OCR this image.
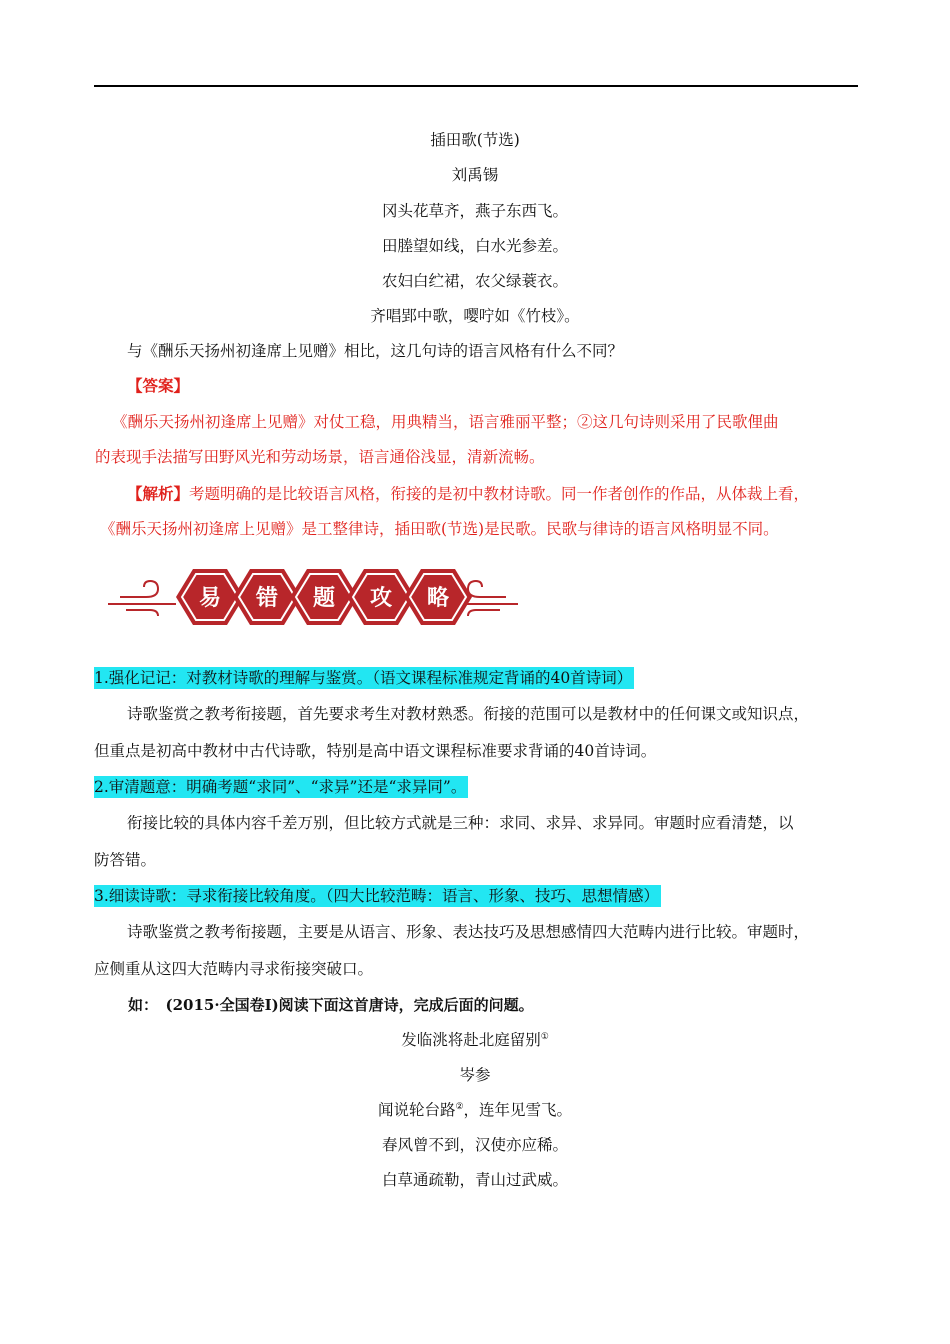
插田歌(节选)
刘禹锡
冈头花草齐，燕子东西飞。
田塍望如线，白水光参差。
农妇白纻裙，农父绿蓑衣。
齐唱郢中歌，嘤咛如《竹枝》。
与《酬乐天扬州初逢席上见赠》相比，这几句诗的语言风格有什么不同？
【答案】
《酬乐天扬州初逢席上见赠》对仗工稳，用典精当，语言雅丽平整；②这几句诗则采用了民歌俚曲
的表现手法描写田野风光和劳动场景，语言通俗浅显，清新流畅。
【解析】考题明确的是比较语言风格，衔接的是初中教材诗歌。同一作者创作的作品，从体裁上看，
《酬乐天扬州初逢席上见赠》是工整律诗，插田歌(节选)是民歌。民歌与律诗的语言风格明显不同。
易 错 题 攻 略
1.强化记记：对教材诗歌的理解与鉴赏。（语文课程标准规定背诵的40首诗词）
诗歌鉴赏之教考衔接题，首先要求考生对教材熟悉。衔接的范围可以是教材中的任何课文或知识点，
但重点是初高中教材中古代诗歌，特别是高中语文课程标准要求背诵的40首诗词。
2.审清题意：明确考题“求同”、“求异”还是“求异同”。
衔接比较的具体内容千差万别，但比较方式就是三种：求同、求异、求异同。审题时应看清楚，以
防答错。
3.细读诗歌：寻求衔接比较角度。（四大比较范畴：语言、形象、技巧、思想情感）
诗歌鉴赏之教考衔接题，主要是从语言、形象、表达技巧及思想感情四大范畴内进行比较。审题时，
应侧重从这四大范畴内寻求衔接突破口。
如：　(2015·全国卷Ⅰ)阅读下面这首唐诗，完成后面的问题。
发临洮将赴北庭留别①
岑参
闻说轮台路②，连年见雪飞。
春风曾不到，汉使亦应稀。
白草通疏勒，青山过武威。
